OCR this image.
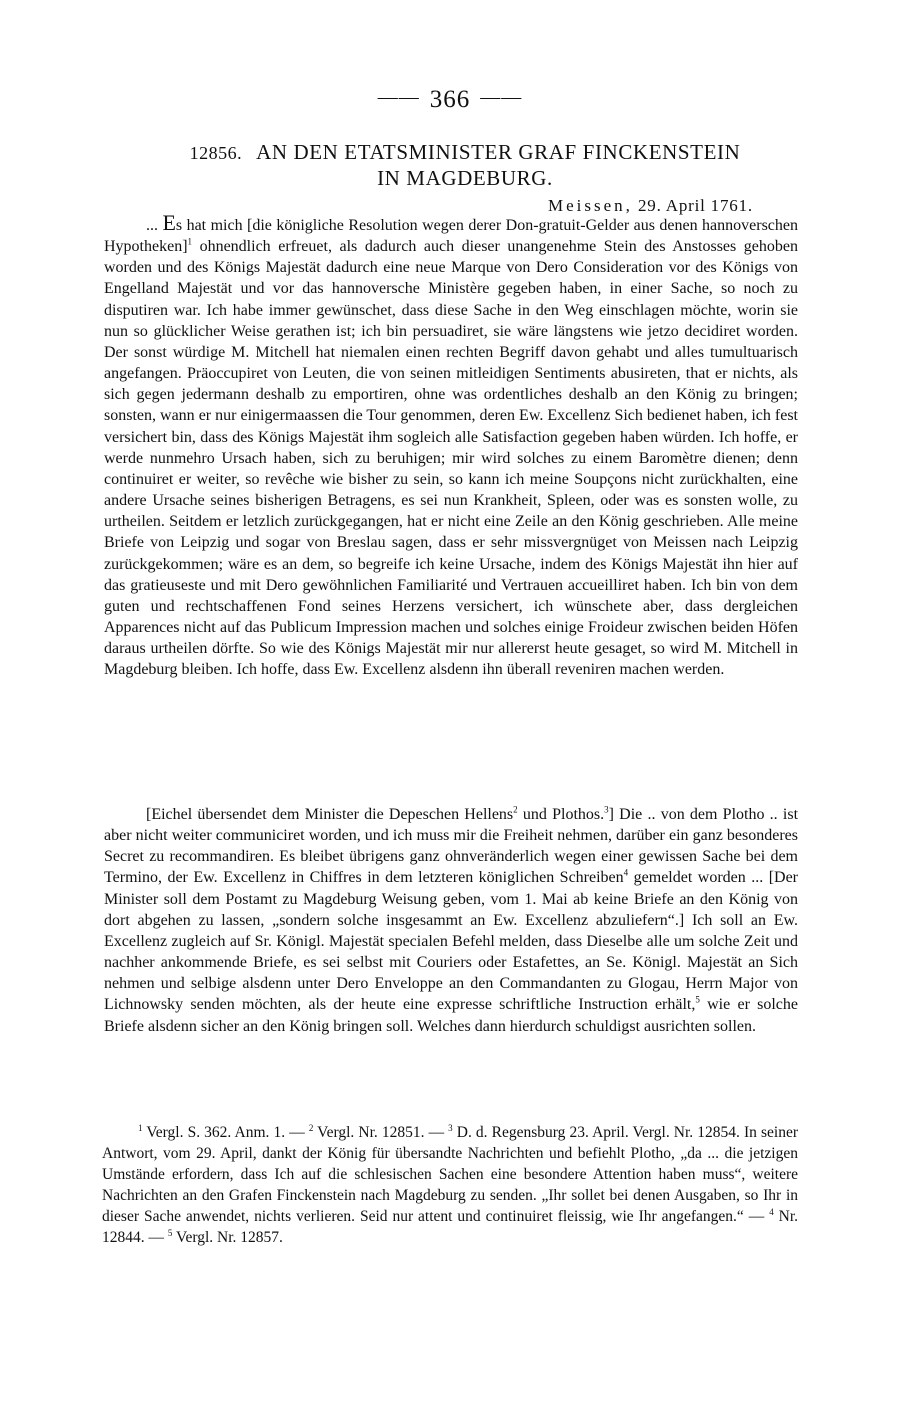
—— 366 ——
12856. AN DEN ETATSMINISTER GRAF FINCKENSTEIN
IN MAGDEBURG.
Meissen, 29. April 1761.

... Es hat mich [die königliche Resolution wegen derer Don-gratuit-Gelder aus denen hannoverschen Hypotheken]$^1$ ohnendlich erfreuet, als dadurch auch dieser unangenehme Stein des Anstosses gehoben worden und des Königs Majestät dadurch eine neue Marque von Dero Consideration vor des Königs von Engelland Majestät und vor das hannoversche Ministère gegeben haben, in einer Sache, so noch zu disputiren war. Ich habe immer gewünschet, dass diese Sache in den Weg einschlagen möchte, worin sie nun so glücklicher Weise gerathen ist; ich bin persuadiret, sie wäre längstens wie jetzo decidiret worden. Der sonst würdige M. Mitchell hat niemalen einen rechten Begriff davon gehabt und alles tumultuarisch angefangen. Präoccupiret von Leuten, die von seinen mitleidigen Sentiments abusireten, that er nichts, als sich gegen jedermann deshalb zu emportiren, ohne was ordentliches deshalb an den König zu bringen; sonsten, wann er nur einigermaassen die Tour genommen, deren Ew. Excellenz Sich bedienet haben, ich fest versichert bin, dass des Königs Majestät ihm sogleich alle Satisfaction gegeben haben würden. Ich hoffe, er werde nunmehro Ursach haben, sich zu beruhigen; mir wird solches zu einem Baromètre dienen; denn continuiret er weiter, so revêche wie bisher zu sein, so kann ich meine Soupçons nicht zurückhalten, eine andere Ursache seines bisherigen Betragens, es sei nun Krankheit, Spleen, oder was es sonsten wolle, zu urtheilen. Seitdem er letzlich zurückgegangen, hat er nicht eine Zeile an den König geschrieben. Alle meine Briefe von Leipzig und sogar von Breslau sagen, dass er sehr missvergnüget von Meissen nach Leipzig zurückgekommen; wäre es an dem, so begreife ich keine Ursache, indem des Königs Majestät ihn hier auf das gratieuseste und mit Dero gewöhnlichen Familiarité und Vertrauen accueilliret haben. Ich bin von dem guten und rechtschaffenen Fond seines Herzens versichert, ich wünschete aber, dass dergleichen Apparences nicht auf das Publicum Impression machen und solches einige Froideur zwischen beiden Höfen daraus urtheilen dörfte. So wie des Königs Majestät mir nur allererst heute gesaget, so wird M. Mitchell in Magdeburg bleiben. Ich hoffe, dass Ew. Excellenz alsdenn ihn überall reveniren machen werden.

[Eichel übersendet dem Minister die Depeschen Hellens$^2$ und Plothos.$^3$] Die .. von dem Plotho .. ist aber nicht weiter communiciret worden, und ich muss mir die Freiheit nehmen, darüber ein ganz besonderes Secret zu recommandiren. Es bleibet übrigens ganz ohnveränderlich wegen einer gewissen Sache bei dem Termino, der Ew. Excellenz in Chiffres in dem letzteren königlichen Schreiben$^4$ gemeldet worden ... [Der Minister soll dem Postamt zu Magdeburg Weisung geben, vom 1. Mai ab keine Briefe an den König von dort abgehen zu lassen, „sondern solche insgesammt an Ew. Excellenz abzuliefern“.] Ich soll an Ew. Excellenz zugleich auf Sr. Königl. Majestät specialen Befehl melden, dass Dieselbe alle um solche Zeit und nachher ankommende Briefe, es sei selbst mit Couriers oder Estafettes, an Se. Königl. Majestät an Sich nehmen und selbige alsdenn unter Dero Enveloppe an den Commandanten zu Glogau, Herrn Major von Lichnowsky senden möchten, als der heute eine expresse schriftliche Instruction erhält,$^5$ wie er solche Briefe alsdenn sicher an den König bringen soll. Welches dann hierdurch schuldigst ausrichten sollen.

$^1$ Vergl. S. 362. Anm. 1. — $^2$ Vergl. Nr. 12851. — $^3$ D. d. Regensburg 23. April. Vergl. Nr. 12854. In seiner Antwort, vom 29. April, dankt der König für übersandte Nachrichten und befiehlt Plotho, „da ... die jetzigen Umstände erfordern, dass Ich auf die schlesischen Sachen eine besondere Attention haben muss“, weitere Nachrichten an den Grafen Finckenstein nach Magdeburg zu senden. „Ihr sollet bei denen Ausgaben, so Ihr in dieser Sache anwendet, nichts verlieren. Seid nur attent und continuiret fleissig, wie Ihr angefangen.“ — $^4$ Nr. 12844. — $^5$ Vergl. Nr. 12857.
